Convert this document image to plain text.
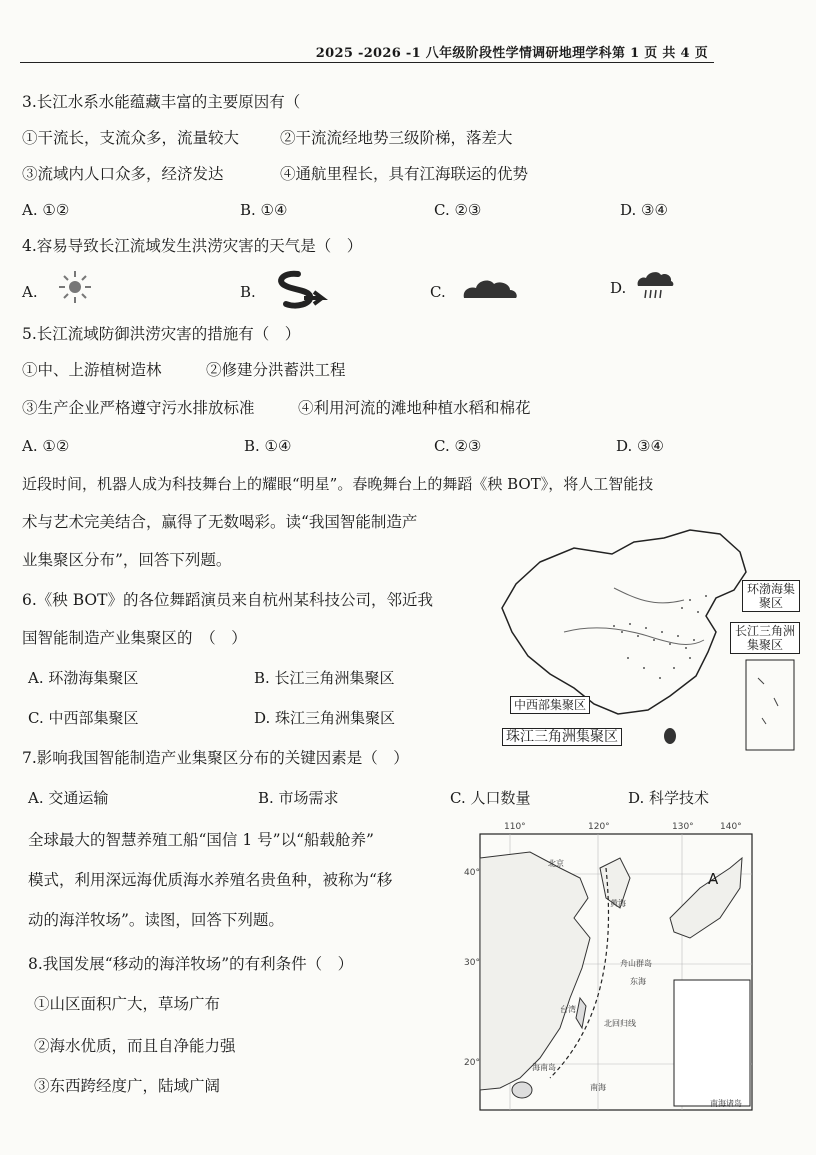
2025 -2026 -1 八年级阶段性学情调研地理学科第 1 页 共 4 页
3.长江水系水能蕴藏丰富的主要原因有（
①干流长，支流众多，流量较大	②干流流经地势三级阶梯，落差大
③流域内人口众多，经济发达	④通航里程长，具有江海联运的优势
A. ①②	B. ①④	C. ②③	D. ③④
4.容易导致长江流域发生洪涝灾害的天气是（　）
A.	B.	C.	D.
5.长江流域防御洪涝灾害的措施有（　）
①中、上游植树造林	②修建分洪蓄洪工程
③生产企业严格遵守污水排放标准	④利用河流的滩地种植水稻和棉花
A. ①②	B. ①④	C. ②③	D. ③④
近段时间，机器人成为科技舞台上的耀眼“明星”。春晚舞台上的舞蹈《秧 BOT》，将人工智能技
术与艺术完美结合，赢得了无数喝彩。读“我国智能制造产
业集聚区分布”，回答下列题。
6.《秧 BOT》的各位舞蹈演员来自杭州某科技公司，邻近我
国智能制造产业集聚区的　（　）
A. 环渤海集聚区	B. 长江三角洲集聚区
C. 中西部集聚区	D. 珠江三角洲集聚区
环渤海集聚区
长江三角洲集聚区
中西部集聚区
珠江三角洲集聚区
7.影响我国智能制造产业集聚区分布的关键因素是（　）
A. 交通运输	B. 市场需求	C. 人口数量	D. 科学技术
全球最大的智慧养殖工船“国信 1 号”以“船载舱养”
模式，利用深远海优质海水养殖名贵鱼种，被称为“移
动的海洋牧场”。读图，回答下列题。
8.我国发展“移动的海洋牧场”的有利条件（　）
①山区面积广大，草场广布
②海水优质，而且自净能力强
③东西跨经度广，陆域广阔
110°	120°	130°	140°
40°
30°
20°
A
北京
舟山群岛
东海
台湾
北回归线
南海
海南岛
南海诸岛
黄海
